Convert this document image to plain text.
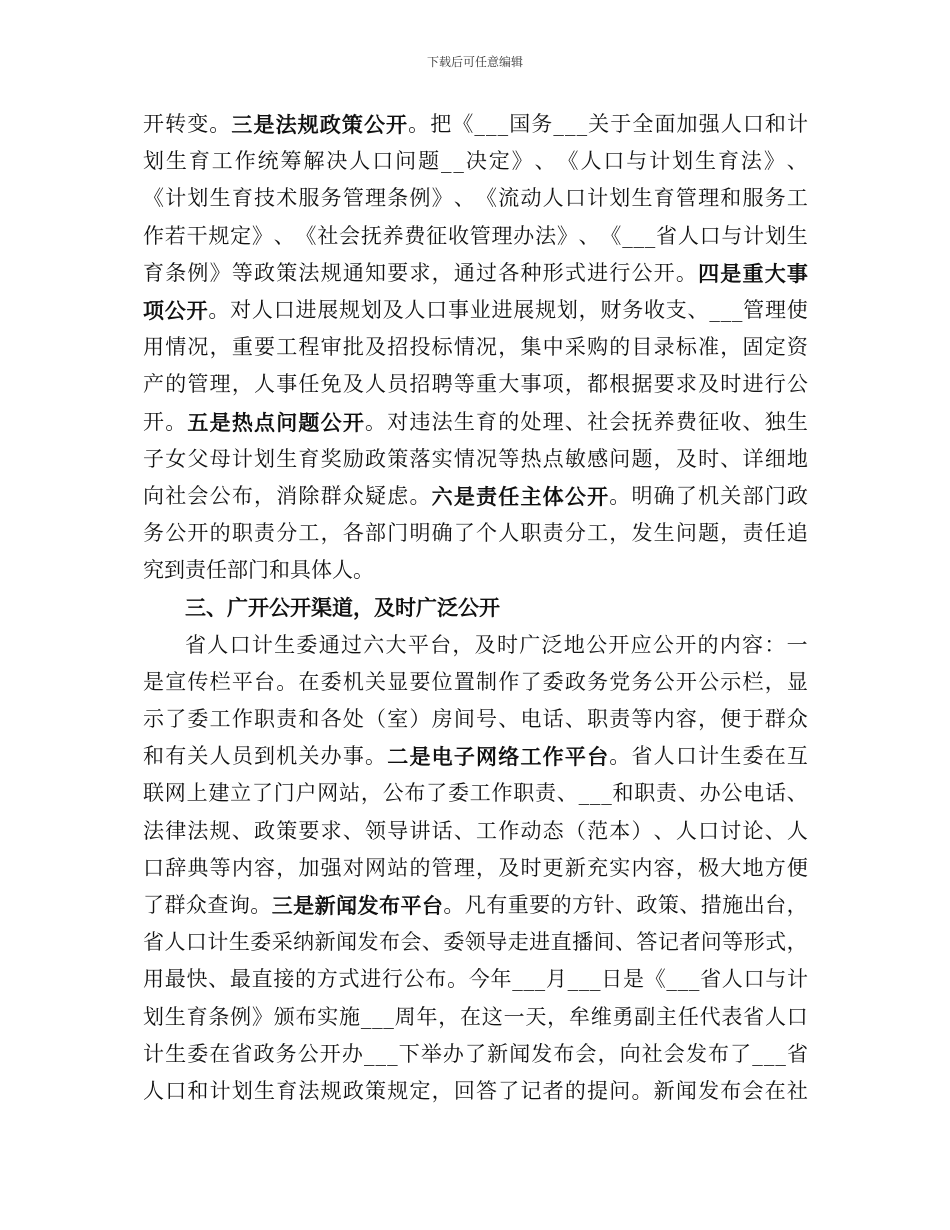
下载后可任意编辑
开 转 变 。 三 是 法 规 政 策 公 开 。 把 《 _ _ _ 国 务 _ _ _ 关 于 全 面 加 强 人 口 和 计
划 生 育 工 作 统 筹 解 决 人 口 问 题 _ _ 决 定 》 、 《 人 口 与 计 划 生 育 法 》 、
《 计 划 生 育 技 术 服 务 管 理 条 例 》 、 《 流 动 人 口 计 划 生 育 管 理 和 服 务 工
作 若 干 规 定 》 、 《 社 会 抚 养 费 征 收 管 理 办 法 》 、 《 _ _ _ 省 人 口 与 计 划 生
育 条 例 》 等 政 策 法 规 通 知 要 求 ， 通 过 各 种 形 式 进 行 公 开 。 四 是 重 大 事
项 公 开 。 对 人 口 进 展 规 划 及 人 口 事 业 进 展 规 划 ， 财 务 收 支 、 _ _ _ 管 理 使
用 情 况 ， 重 要 工 程 审 批 及 招 投 标 情 况 ， 集 中 采 购 的 目 录 标 准 ， 固 定 资
产 的 管 理 ， 人 事 任 免 及 人 员 招 聘 等 重 大 事 项 ， 都 根 据 要 求 及 时 进 行 公
开 。 五 是 热 点 问 题 公 开 。 对 违 法 生 育 的 处 理 、 社 会 抚 养 费 征 收 、 独 生
子 女 父 母 计 划 生 育 奖 励 政 策 落 实 情 况 等 热 点 敏 感 问 题 ， 及 时 、 详 细 地
向 社 会 公 布 ， 消 除 群 众 疑 虑 。 六 是 责 任 主 体 公 开 。 明 确 了 机 关 部 门 政
务 公 开 的 职 责 分 工 ， 各 部 门 明 确 了 个 人 职 责 分 工 ， 发 生 问 题 ， 责 任 追
究 到 责 任 部 门 和 具 体 人 。
三 、 广 开 公 开 渠 道 ， 及 时 广 泛 公 开
省 人 口 计 生 委 通 过 六 大 平 台 ， 及 时 广 泛 地 公 开 应 公 开 的 内 容 ： 一
是 宣 传 栏 平 台 。 在 委 机 关 显 要 位 置 制 作 了 委 政 务 党 务 公 开 公 示 栏 ， 显
示 了 委 工 作 职 责 和 各 处 （ 室 ） 房 间 号 、 电 话 、 职 责 等 内 容 ， 便 于 群 众
和 有 关 人 员 到 机 关 办 事 。 二 是 电 子 网 络 工 作 平 台 。 省 人 口 计 生 委 在 互
联 网 上 建 立 了 门 户 网 站 ， 公 布 了 委 工 作 职 责 、 _ _ _ 和 职 责 、 办 公 电 话 、
法 律 法 规 、 政 策 要 求 、 领 导 讲 话 、 工 作 动 态 （ 范 本 ） 、 人 口 讨 论 、 人
口 辞 典 等 内 容 ， 加 强 对 网 站 的 管 理 ， 及 时 更 新 充 实 内 容 ， 极 大 地 方 便
了 群 众 查 询 。 三 是 新 闻 发 布 平 台 。 凡 有 重 要 的 方 针 、 政 策 、 措 施 出 台 ，
省 人 口 计 生 委 采 纳 新 闻 发 布 会 、 委 领 导 走 进 直 播 间 、 答 记 者 问 等 形 式 ，
用 最 快 、 最 直 接 的 方 式 进 行 公 布 。 今 年 _ _ _ 月 _ _ _ 日 是 《 _ _ _ 省 人 口 与 计
划 生 育 条 例 》 颁 布 实 施 _ _ _ 周 年 ， 在 这 一 天 ， 牟 维 勇 副 主 任 代 表 省 人 口
计 生 委 在 省 政 务 公 开 办 _ _ _ 下 举 办 了 新 闻 发 布 会 ， 向 社 会 发 布 了 _ _ _ 省
人 口 和 计 划 生 育 法 规 政 策 规 定 ， 回 答 了 记 者 的 提 问 。 新 闻 发 布 会 在 社
